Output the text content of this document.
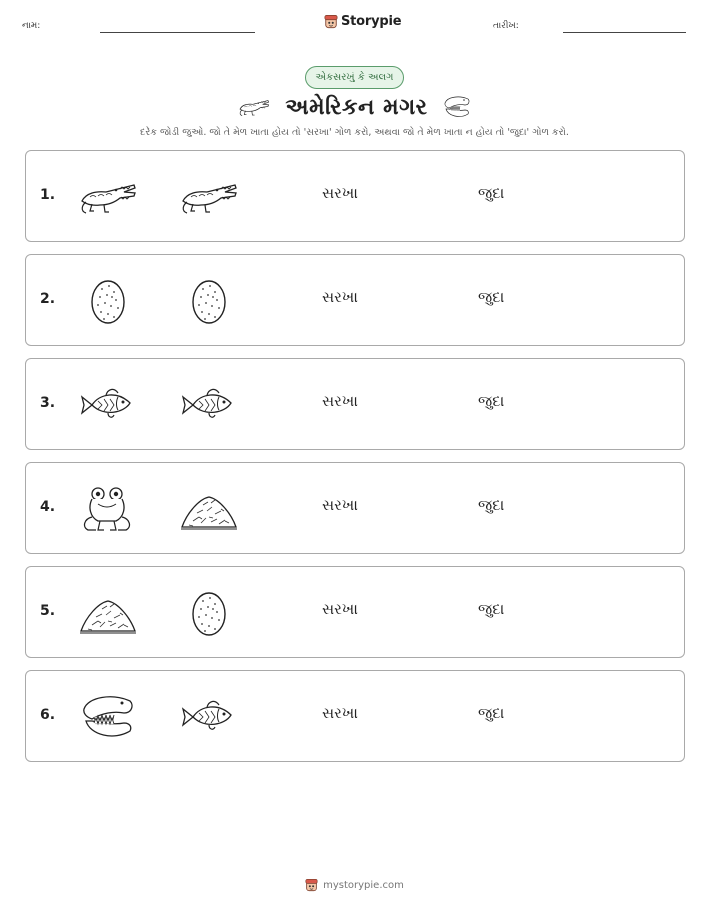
નામ:	Storypie	તારીખ:
એકસરખું કે અલગ
અમેરિકન મગર
દરેક જોડી જુઓ. જો તે મેળ ખાતા હોય તો 'સરખા' ગોળ કરો, અથવા જો તે મેળ ખાતા ન હોય તો 'જુદા' ગોળ કરો.
1.	સરખા	જુદા
2.	સરખા	જુદા
3.	સરખા	જુદા
4.	સરખા	જુદા
5.	સરખા	જુદા
6.	સરખા	જુદા
mystorypie.com
